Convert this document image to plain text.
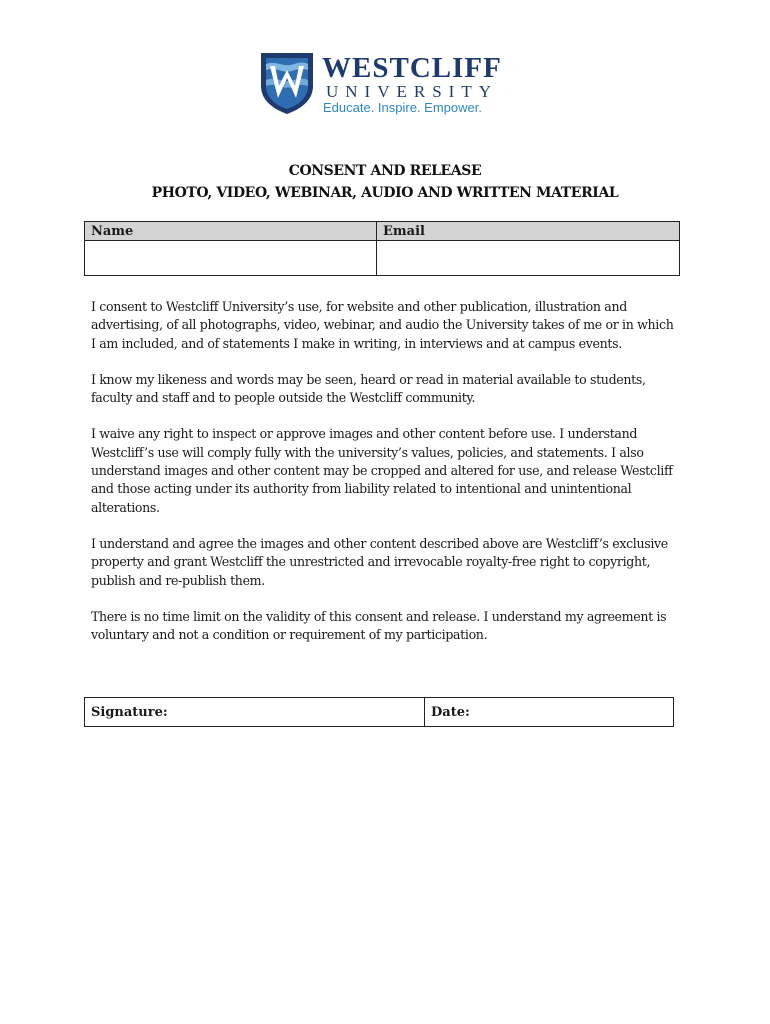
WESTCLIFF
UNIVERSITY
Educate. Inspire. Empower.
CONSENT AND RELEASE
PHOTO, VIDEO, WEBINAR, AUDIO AND WRITTEN MATERIAL
Name	Email

I consent to Westcliff University’s use, for website and other publication, illustration and advertising, of all photographs, video, webinar, and audio the University takes of me or in which I am included, and of statements I make in writing, in interviews and at campus events.

I know my likeness and words may be seen, heard or read in material available to students, faculty and staff and to people outside the Westcliff community.

I waive any right to inspect or approve images and other content before use. I understand Westcliff’s use will comply fully with the university’s values, policies, and statements. I also understand images and other content may be cropped and altered for use, and release Westcliff and those acting under its authority from liability related to intentional and unintentional alterations.

I understand and agree the images and other content described above are Westcliff’s exclusive property and grant Westcliff the unrestricted and irrevocable royalty-free right to copyright, publish and re-publish them.

There is no time limit on the validity of this consent and release. I understand my agreement is voluntary and not a condition or requirement of my participation.

Signature:	Date:
